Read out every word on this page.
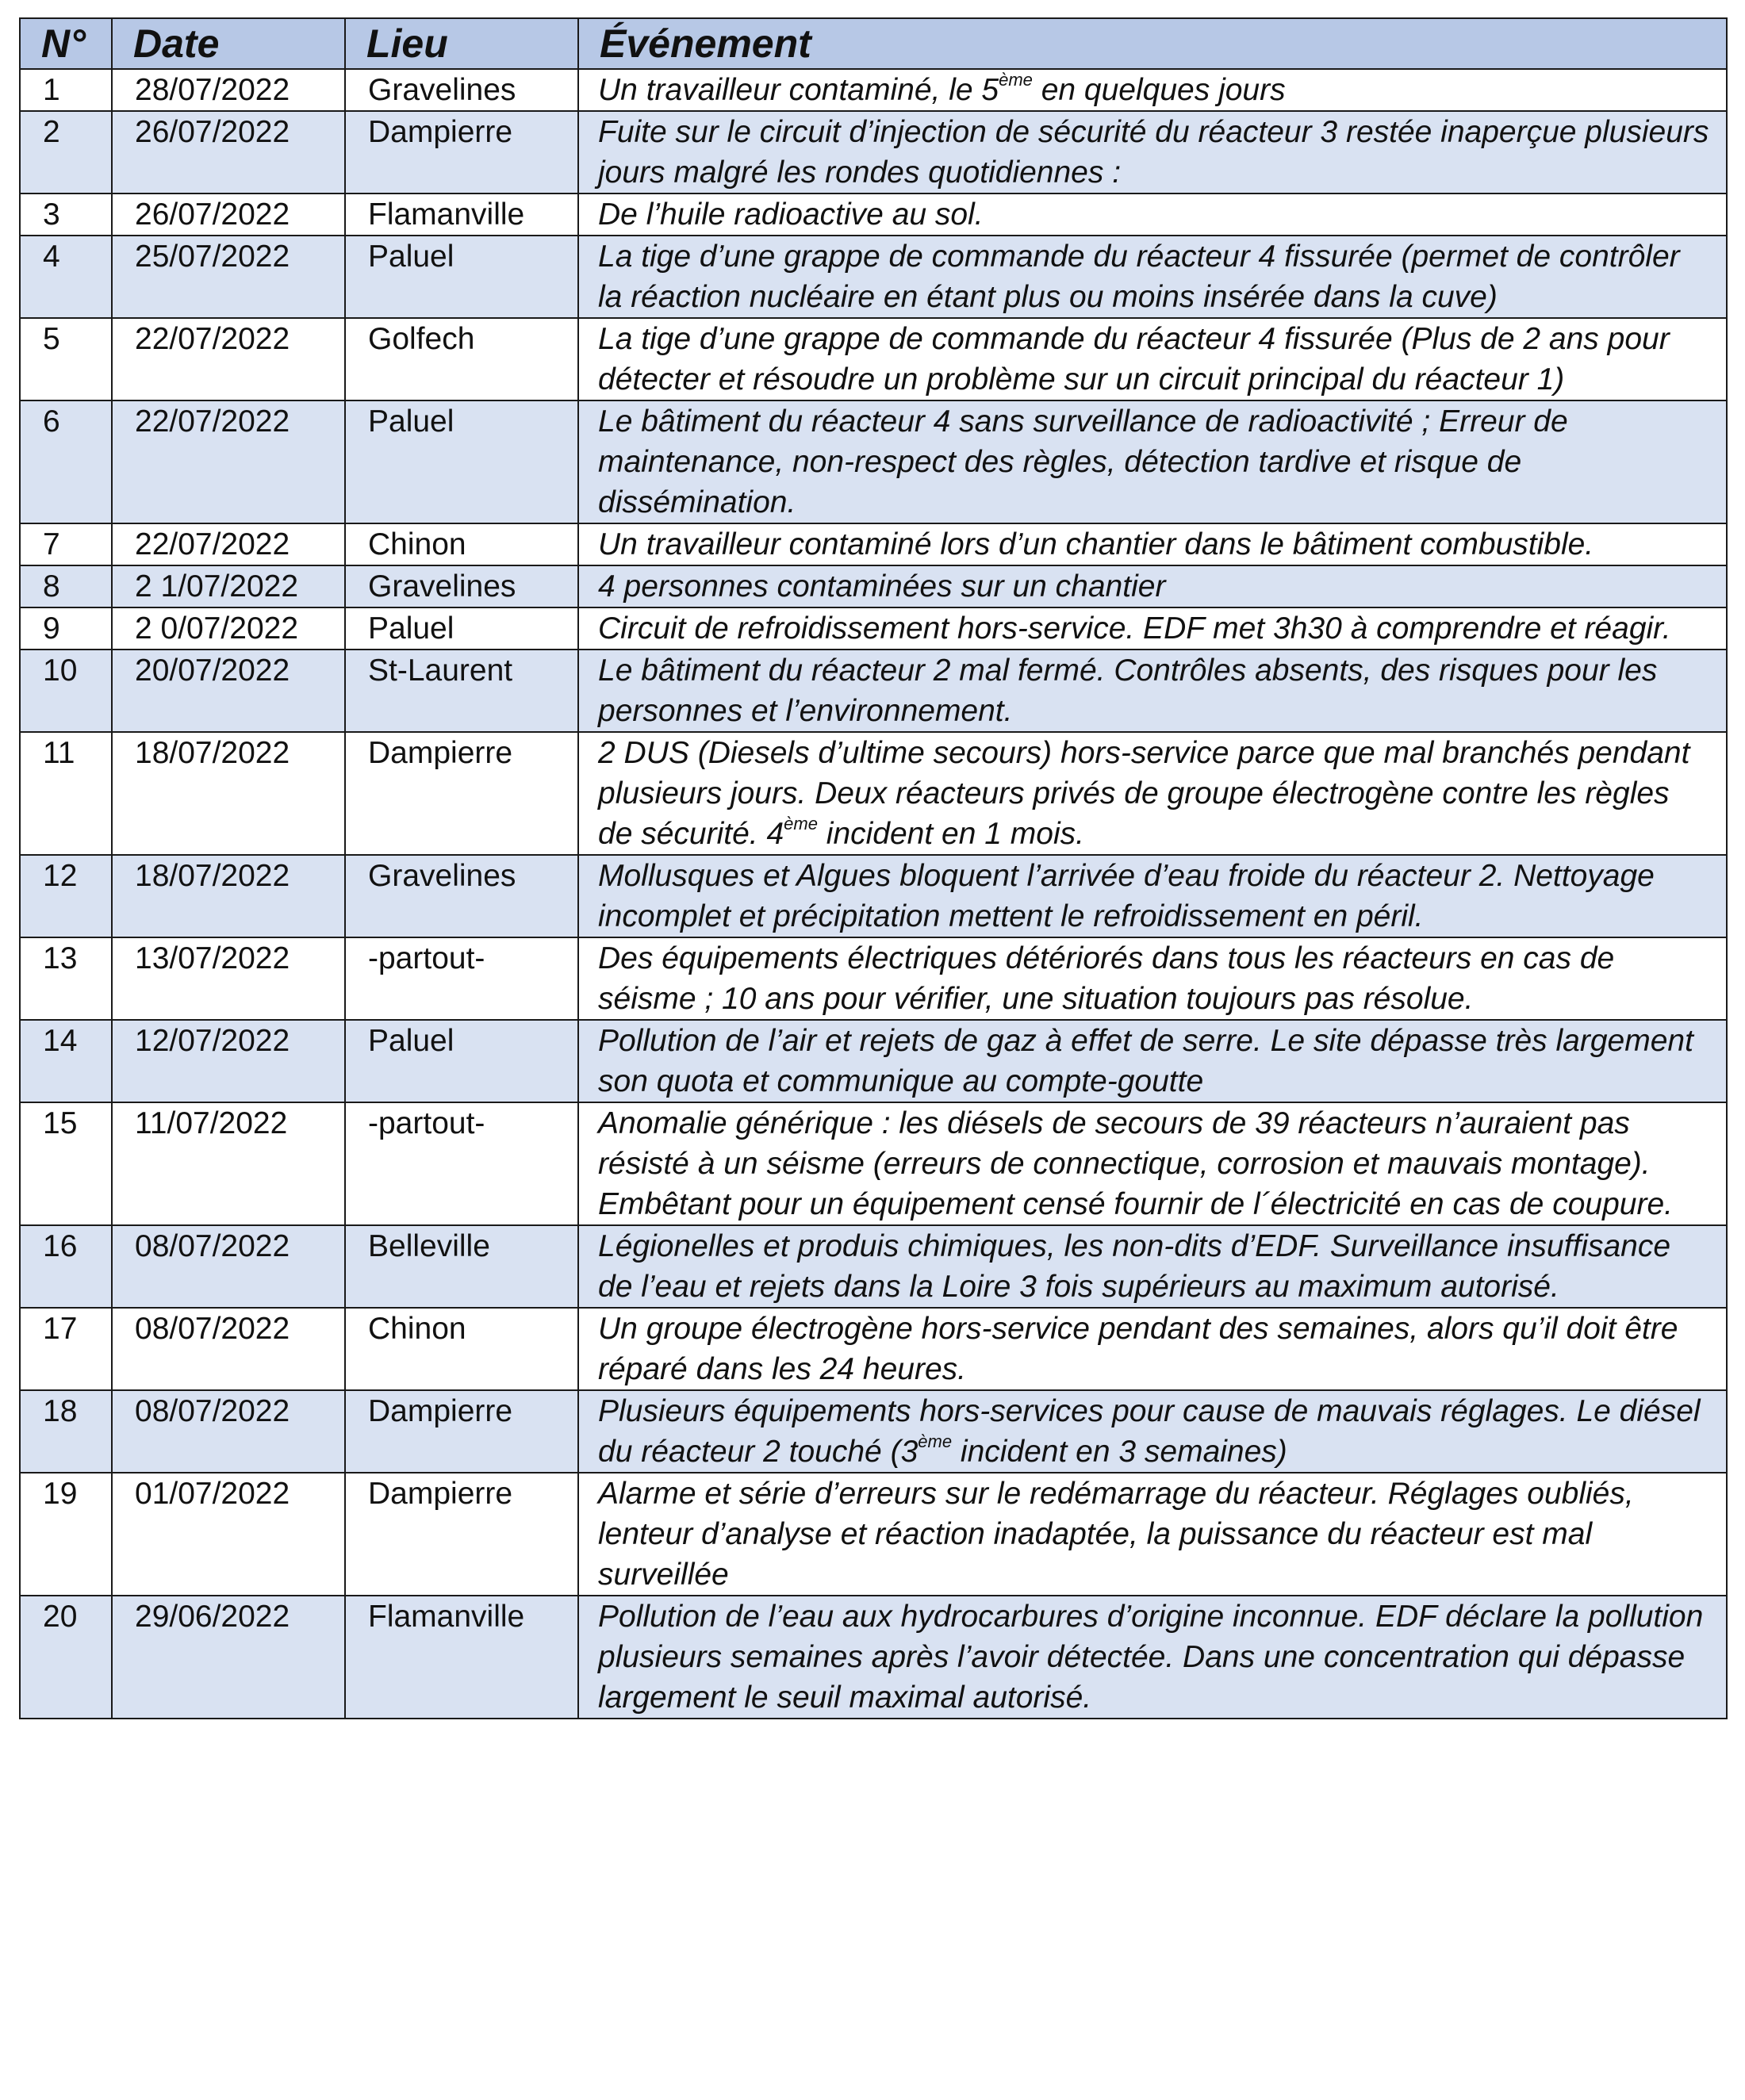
N°	Date	Lieu	Événement
1	28/07/2022	Gravelines	Un travailleur contaminé, le 5ème en quelques jours
2	26/07/2022	Dampierre	Fuite sur le circuit d’injection de sécurité du réacteur 3 restée inaperçue plusieurs jours malgré les rondes quotidiennes :
3	26/07/2022	Flamanville	De l’huile radioactive au sol.
4	25/07/2022	Paluel	La tige d’une grappe de commande du réacteur 4 fissurée (permet de contrôler la réaction nucléaire en étant plus ou moins insérée dans la cuve)
5	22/07/2022	Golfech	La tige d’une grappe de commande du réacteur 4 fissurée (Plus de 2 ans pour détecter et résoudre un problème sur un circuit principal du réacteur 1)
6	22/07/2022	Paluel	Le bâtiment du réacteur 4 sans surveillance de radioactivité ; Erreur de maintenance, non-respect des règles, détection tardive et risque de dissémination.
7	22/07/2022	Chinon	Un travailleur contaminé lors d’un chantier dans le bâtiment combustible.
8	2 1/07/2022	Gravelines	4 personnes contaminées sur un chantier
9	2 0/07/2022	Paluel	Circuit de refroidissement hors-service. EDF met 3h30 à comprendre et réagir.
10	20/07/2022	St-Laurent	Le bâtiment du réacteur 2 mal fermé. Contrôles absents, des risques pour les personnes et l’environnement.
11	18/07/2022	Dampierre	2 DUS (Diesels d’ultime secours) hors-service parce que mal branchés pendant plusieurs jours. Deux réacteurs privés de groupe électrogène contre les règles de sécurité. 4ème incident en 1 mois.
12	18/07/2022	Gravelines	Mollusques et Algues bloquent l’arrivée d’eau froide du réacteur 2. Nettoyage incomplet et précipitation mettent le refroidissement en péril.
13	13/07/2022	-partout-	Des équipements électriques détériorés dans tous les réacteurs en cas de séisme ; 10 ans pour vérifier, une situation toujours pas résolue.
14	12/07/2022	Paluel	Pollution de l’air et rejets de gaz à effet de serre. Le site dépasse très largement son quota et communique au compte-goutte
15	11/07/2022	-partout-	Anomalie générique : les diésels de secours de 39 réacteurs n’auraient pas résisté à un séisme (erreurs de connectique, corrosion et mauvais montage). Embêtant pour un équipement censé fournir de l´électricité en cas de coupure.
16	08/07/2022	Belleville	Légionelles et produis chimiques, les non-dits d’EDF. Surveillance insuffisance de l’eau et rejets dans la Loire 3 fois supérieurs au maximum autorisé.
17	08/07/2022	Chinon	Un groupe électrogène hors-service pendant des semaines, alors qu’il doit être réparé dans les 24 heures.
18	08/07/2022	Dampierre	Plusieurs équipements hors-services pour cause de mauvais réglages. Le diésel du réacteur 2 touché (3ème incident en 3 semaines)
19	01/07/2022	Dampierre	Alarme et série d’erreurs sur le redémarrage du réacteur. Réglages oubliés, lenteur d’analyse et réaction inadaptée, la puissance du réacteur est mal surveillée
20	29/06/2022	Flamanville	Pollution de l’eau aux hydrocarbures d’origine inconnue. EDF déclare la pollution plusieurs semaines après l’avoir détectée. Dans une concentration qui dépasse largement le seuil maximal autorisé.
